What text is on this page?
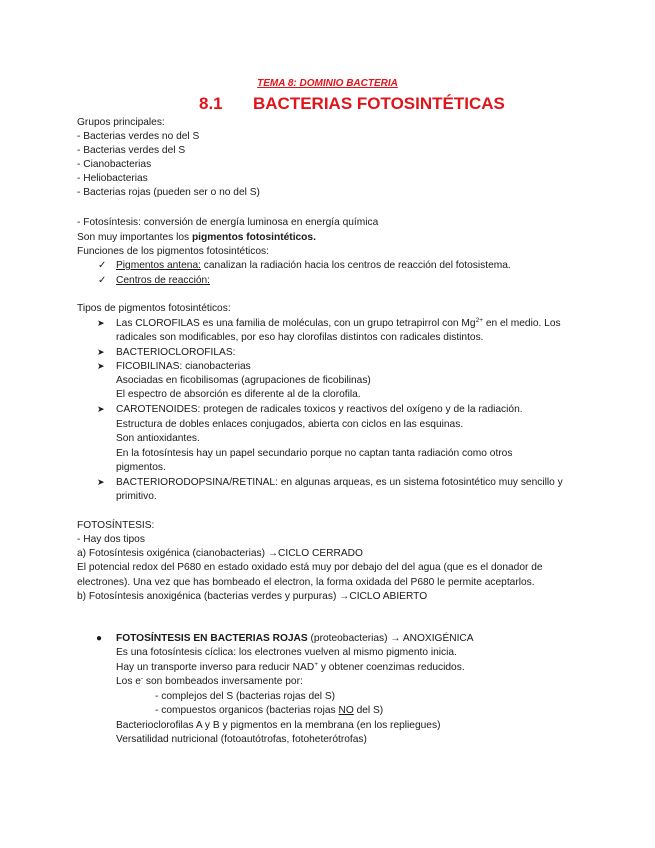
TEMA 8: DOMINIO BACTERIA
8.1 BACTERIAS FOTOSINTÉTICAS
Grupos principales:
- Bacterias verdes no del S
- Bacterias verdes del S
- Cianobacterias
- Heliobacterias
- Bacterias rojas (pueden ser o no del S)
- Fotosíntesis: conversión de energía luminosa en energía química
Son muy importantes los pigmentos fotosintéticos.
Funciones de los pigmentos fotosintéticos:
✓ Pigmentos antena: canalizan la radiación hacia los centros de reacción del fotosistema.
✓ Centros de reacción:
Tipos de pigmentos fotosintéticos:
➤ Las CLOROFILAS es una familia de moléculas, con un grupo tetrapirrol con $Mg^{2+}$ en el medio. Los
radicales son modificables, por eso hay clorofilas distintos con radicales distintos.
➤ BACTERIOCLOROFILAS:
➤ FICOBILINAS: cianobacterias
Asociadas en ficobilisomas (agrupaciones de ficobilinas)
El espectro de absorción es diferente al de la clorofila.
➤ CAROTENOIDES: protegen de radicales toxicos y reactivos del oxígeno y de la radiación.
Estructura de dobles enlaces conjugados, abierta con ciclos en las esquinas.
Son antioxidantes.
En la fotosíntesis hay un papel secundario porque no captan tanta radiación como otros
pigmentos.
➤ BACTERIORODOPSINA/RETINAL: en algunas arqueas, es un sistema fotosintético muy sencillo y
primitivo.
FOTOSÍNTESIS:
- Hay dos tipos
a) Fotosíntesis oxigénica (cianobacterias) →CICLO CERRADO
El potencial redox del P680 en estado oxidado está muy por debajo del del agua (que es el donador de
electrones). Una vez que has bombeado el electron, la forma oxidada del P680 le permite aceptarlos.
b) Fotosíntesis anoxigénica (bacterias verdes y purpuras) →CICLO ABIERTO
● FOTOSÍNTESIS EN BACTERIAS ROJAS (proteobacterias) → ANOXIGÉNICA
Es una fotosíntesis cíclica: los electrones vuelven al mismo pigmento inicia.
Hay un transporte inverso para reducir NAD+ y obtener coenzimas reducidos.
Los e- son bombeados inversamente por:
- complejos del S (bacterias rojas del S)
- compuestos organicos (bacterias rojas NO del S)
Bacterioclorofilas A y B y pigmentos en la membrana (en los repliegues)
Versatilidad nutricional (fotoautótrofas, fotoheterótrofas)
